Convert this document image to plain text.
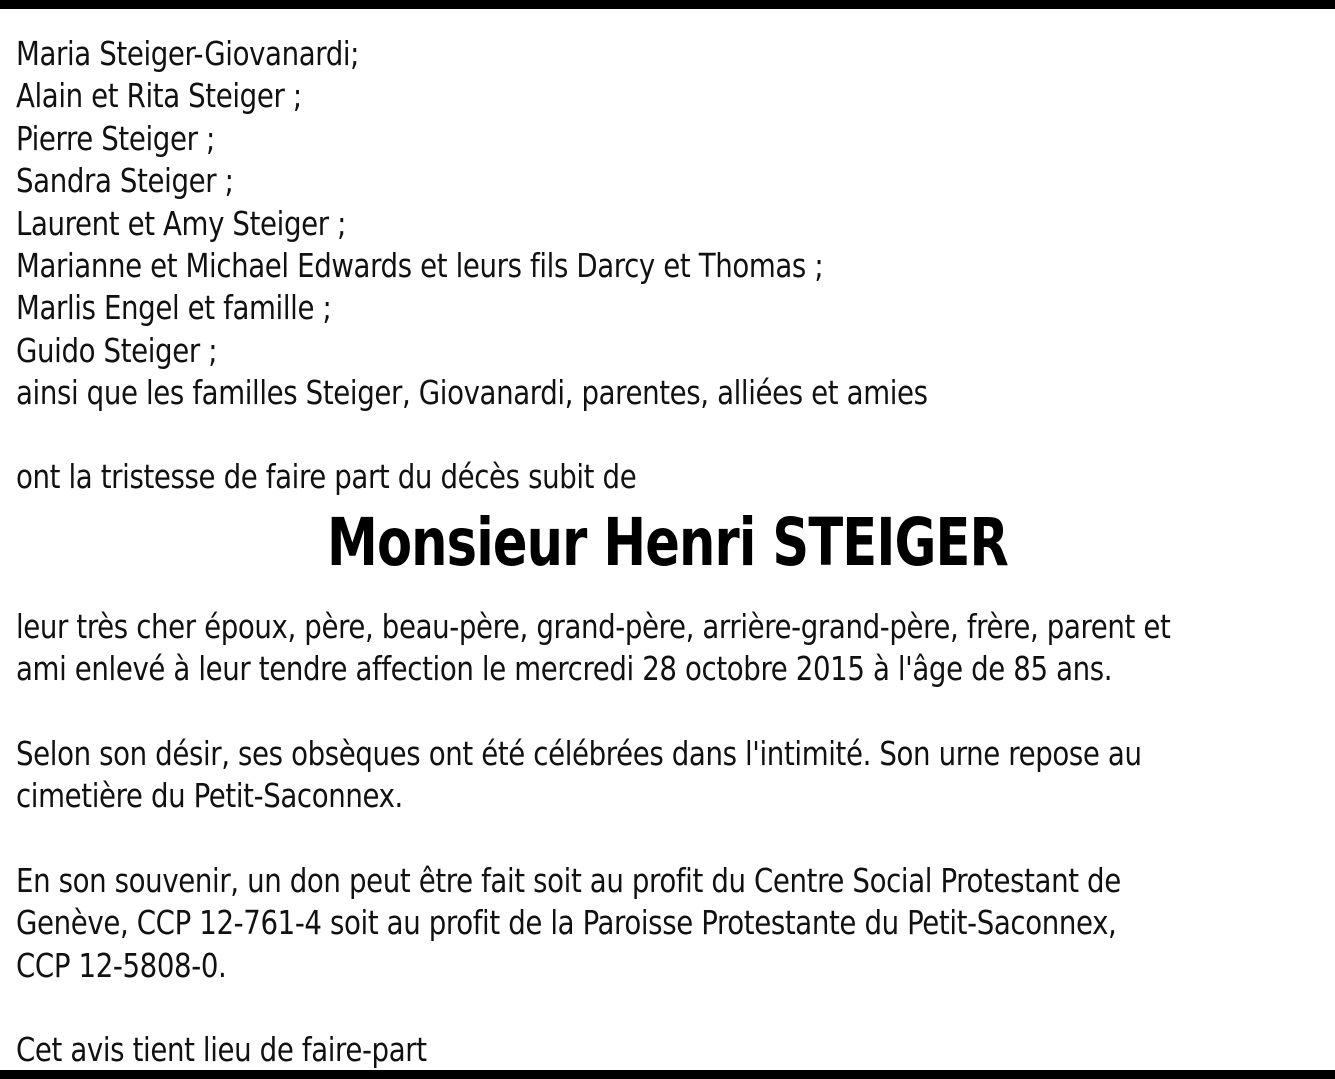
Maria Steiger-Giovanardi;
Alain et Rita Steiger ;
Pierre Steiger ;
Sandra Steiger ;
Laurent et Amy Steiger ;
Marianne et Michael Edwards et leurs fils Darcy et Thomas ;
Marlis Engel et famille ;
Guido Steiger ;
ainsi que les familles Steiger, Giovanardi, parentes, alliées et amies
ont la tristesse de faire part du décès subit de
Monsieur Henri STEIGER
leur très cher époux, père, beau-père, grand-père, arrière-grand-père, frère, parent et
ami enlevé à leur tendre affection le mercredi 28 octobre 2015 à l'âge de 85 ans.
Selon son désir, ses obsèques ont été célébrées dans l'intimité. Son urne repose au
cimetière du Petit-Saconnex.
En son souvenir, un don peut être fait soit au profit du Centre Social Protestant de
Genève, CCP 12-761-4 soit au profit de la Paroisse Protestante du Petit-Saconnex,
CCP 12-5808-0.
Cet avis tient lieu de faire-part
